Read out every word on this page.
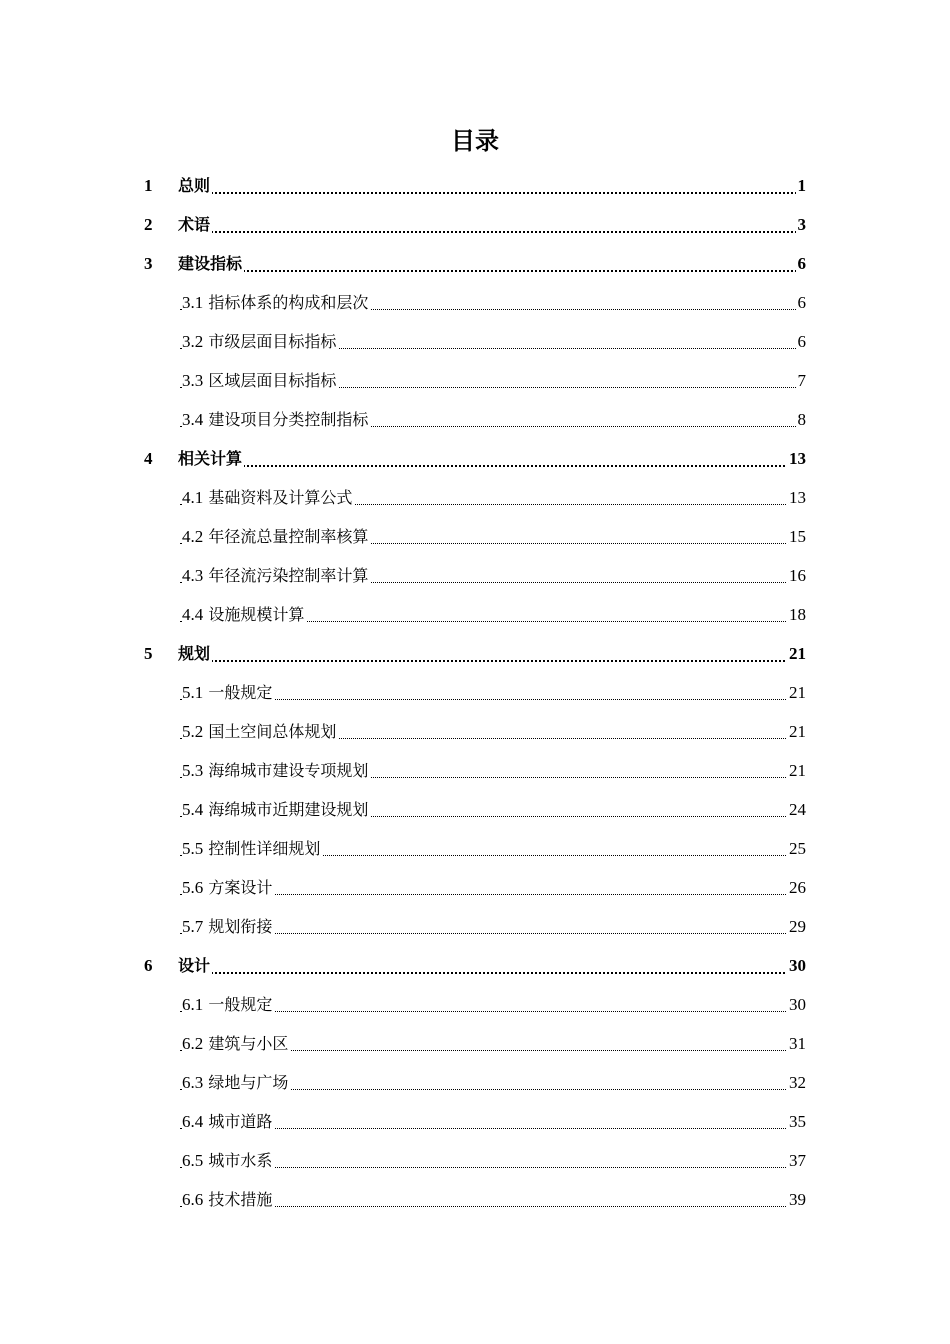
目录
1 总则	1
2 术语	3
3 建设指标	6
3.1 指标体系的构成和层次	6
3.2 市级层面目标指标	6
3.3 区域层面目标指标	7
3.4 建设项目分类控制指标	8
4 相关计算	13
4.1 基础资料及计算公式	13
4.2 年径流总量控制率核算	15
4.3 年径流污染控制率计算	16
4.4 设施规模计算	18
5 规划	21
5.1 一般规定	21
5.2 国土空间总体规划	21
5.3 海绵城市建设专项规划	21
5.4 海绵城市近期建设规划	24
5.5 控制性详细规划	25
5.6 方案设计	26
5.7 规划衔接	29
6 设计	30
6.1 一般规定	30
6.2 建筑与小区	31
6.3 绿地与广场	32
6.4 城市道路	35
6.5 城市水系	37
6.6 技术措施	39
